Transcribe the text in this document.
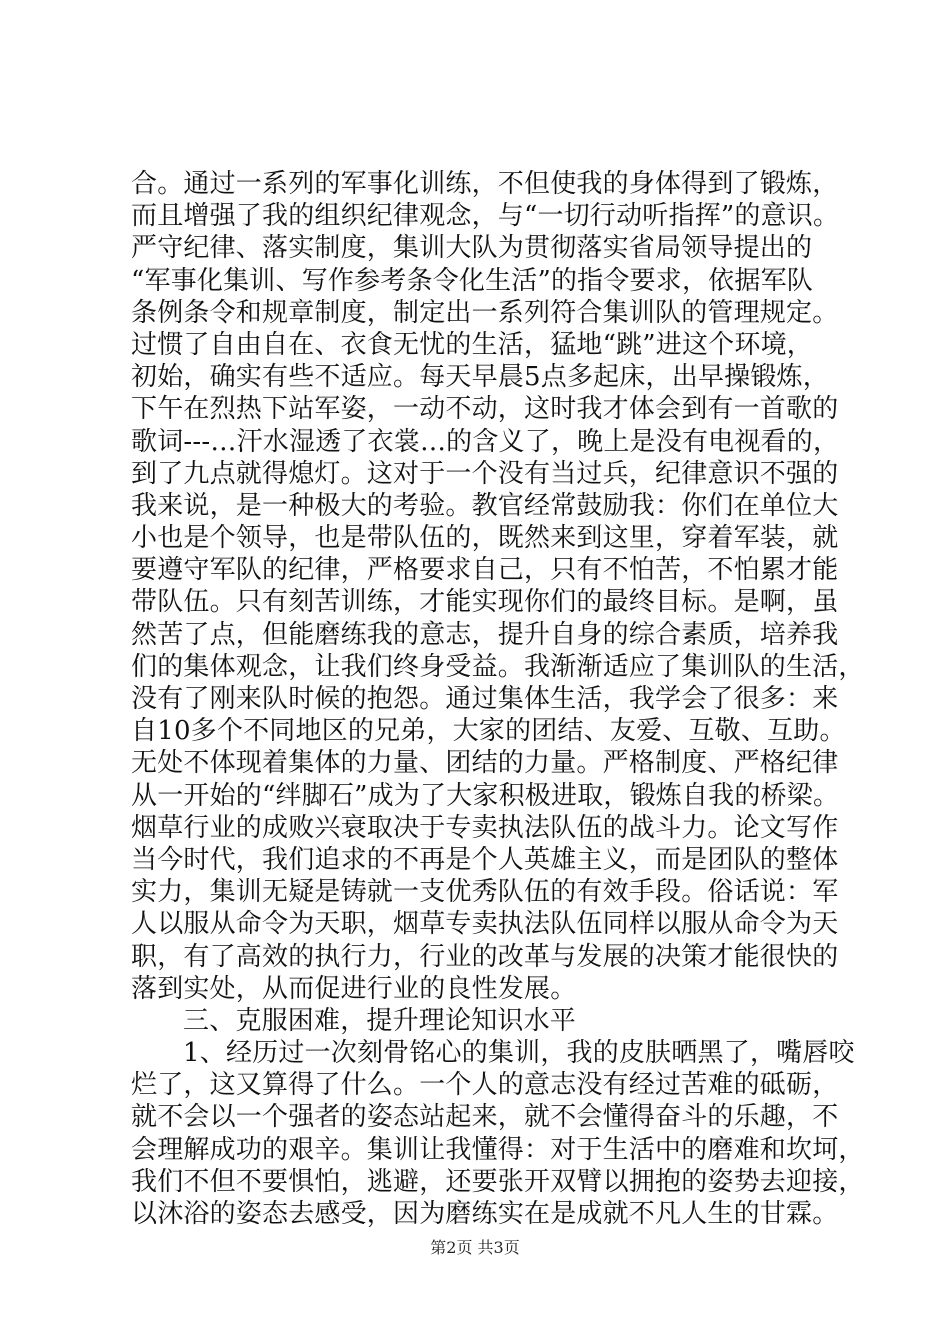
合。通过一系列的军事化训练，不但使我的身体得到了锻炼，
而且增强了我的组织纪律观念，与“一切行动听指挥”的意识。
严守纪律、落实制度，集训大队为贯彻落实省局领导提出的
“军事化集训、写作参考条令化生活”的指令要求，依据军队
条例条令和规章制度，制定出一系列符合集训队的管理规定。
过惯了自由自在、衣食无忧的生活，猛地“跳”进这个环境，
初始，确实有些不适应。每天早晨5点多起床，出早操锻炼，
下午在烈热下站军姿，一动不动，这时我才体会到有一首歌的
歌词---…汗水湿透了衣裳…的含义了，晚上是没有电视看的，
到了九点就得熄灯。这对于一个没有当过兵，纪律意识不强的
我来说，是一种极大的考验。教官经常鼓励我：你们在单位大
小也是个领导，也是带队伍的，既然来到这里，穿着军装，就
要遵守军队的纪律，严格要求自己，只有不怕苦，不怕累才能
带队伍。只有刻苦训练，才能实现你们的最终目标。是啊，虽
然苦了点，但能磨练我的意志，提升自身的综合素质，培养我
们的集体观念，让我们终身受益。我渐渐适应了集训队的生活，
没有了刚来队时候的抱怨。通过集体生活，我学会了很多：来
自10多个不同地区的兄弟，大家的团结、友爱、互敬、互助。
无处不体现着集体的力量、团结的力量。严格制度、严格纪律
从一开始的“绊脚石”成为了大家积极进取，锻炼自我的桥梁。
烟草行业的成败兴衰取决于专卖执法队伍的战斗力。论文写作
当今时代，我们追求的不再是个人英雄主义，而是团队的整体
实力，集训无疑是铸就一支优秀队伍的有效手段。俗话说：军
人以服从命令为天职，烟草专卖执法队伍同样以服从命令为天
职，有了高效的执行力，行业的改革与发展的决策才能很快的
落到实处，从而促进行业的良性发展。
三、克服困难，提升理论知识水平
1、经历过一次刻骨铭心的集训，我的皮肤晒黑了，嘴唇咬
烂了，这又算得了什么。一个人的意志没有经过苦难的砥砺，
就不会以一个强者的姿态站起来，就不会懂得奋斗的乐趣，不
会理解成功的艰辛。集训让我懂得：对于生活中的磨难和坎坷，
我们不但不要惧怕，逃避，还要张开双臂以拥抱的姿势去迎接，
以沐浴的姿态去感受，因为磨练实在是成就不凡人生的甘霖。
第2页 共3页
